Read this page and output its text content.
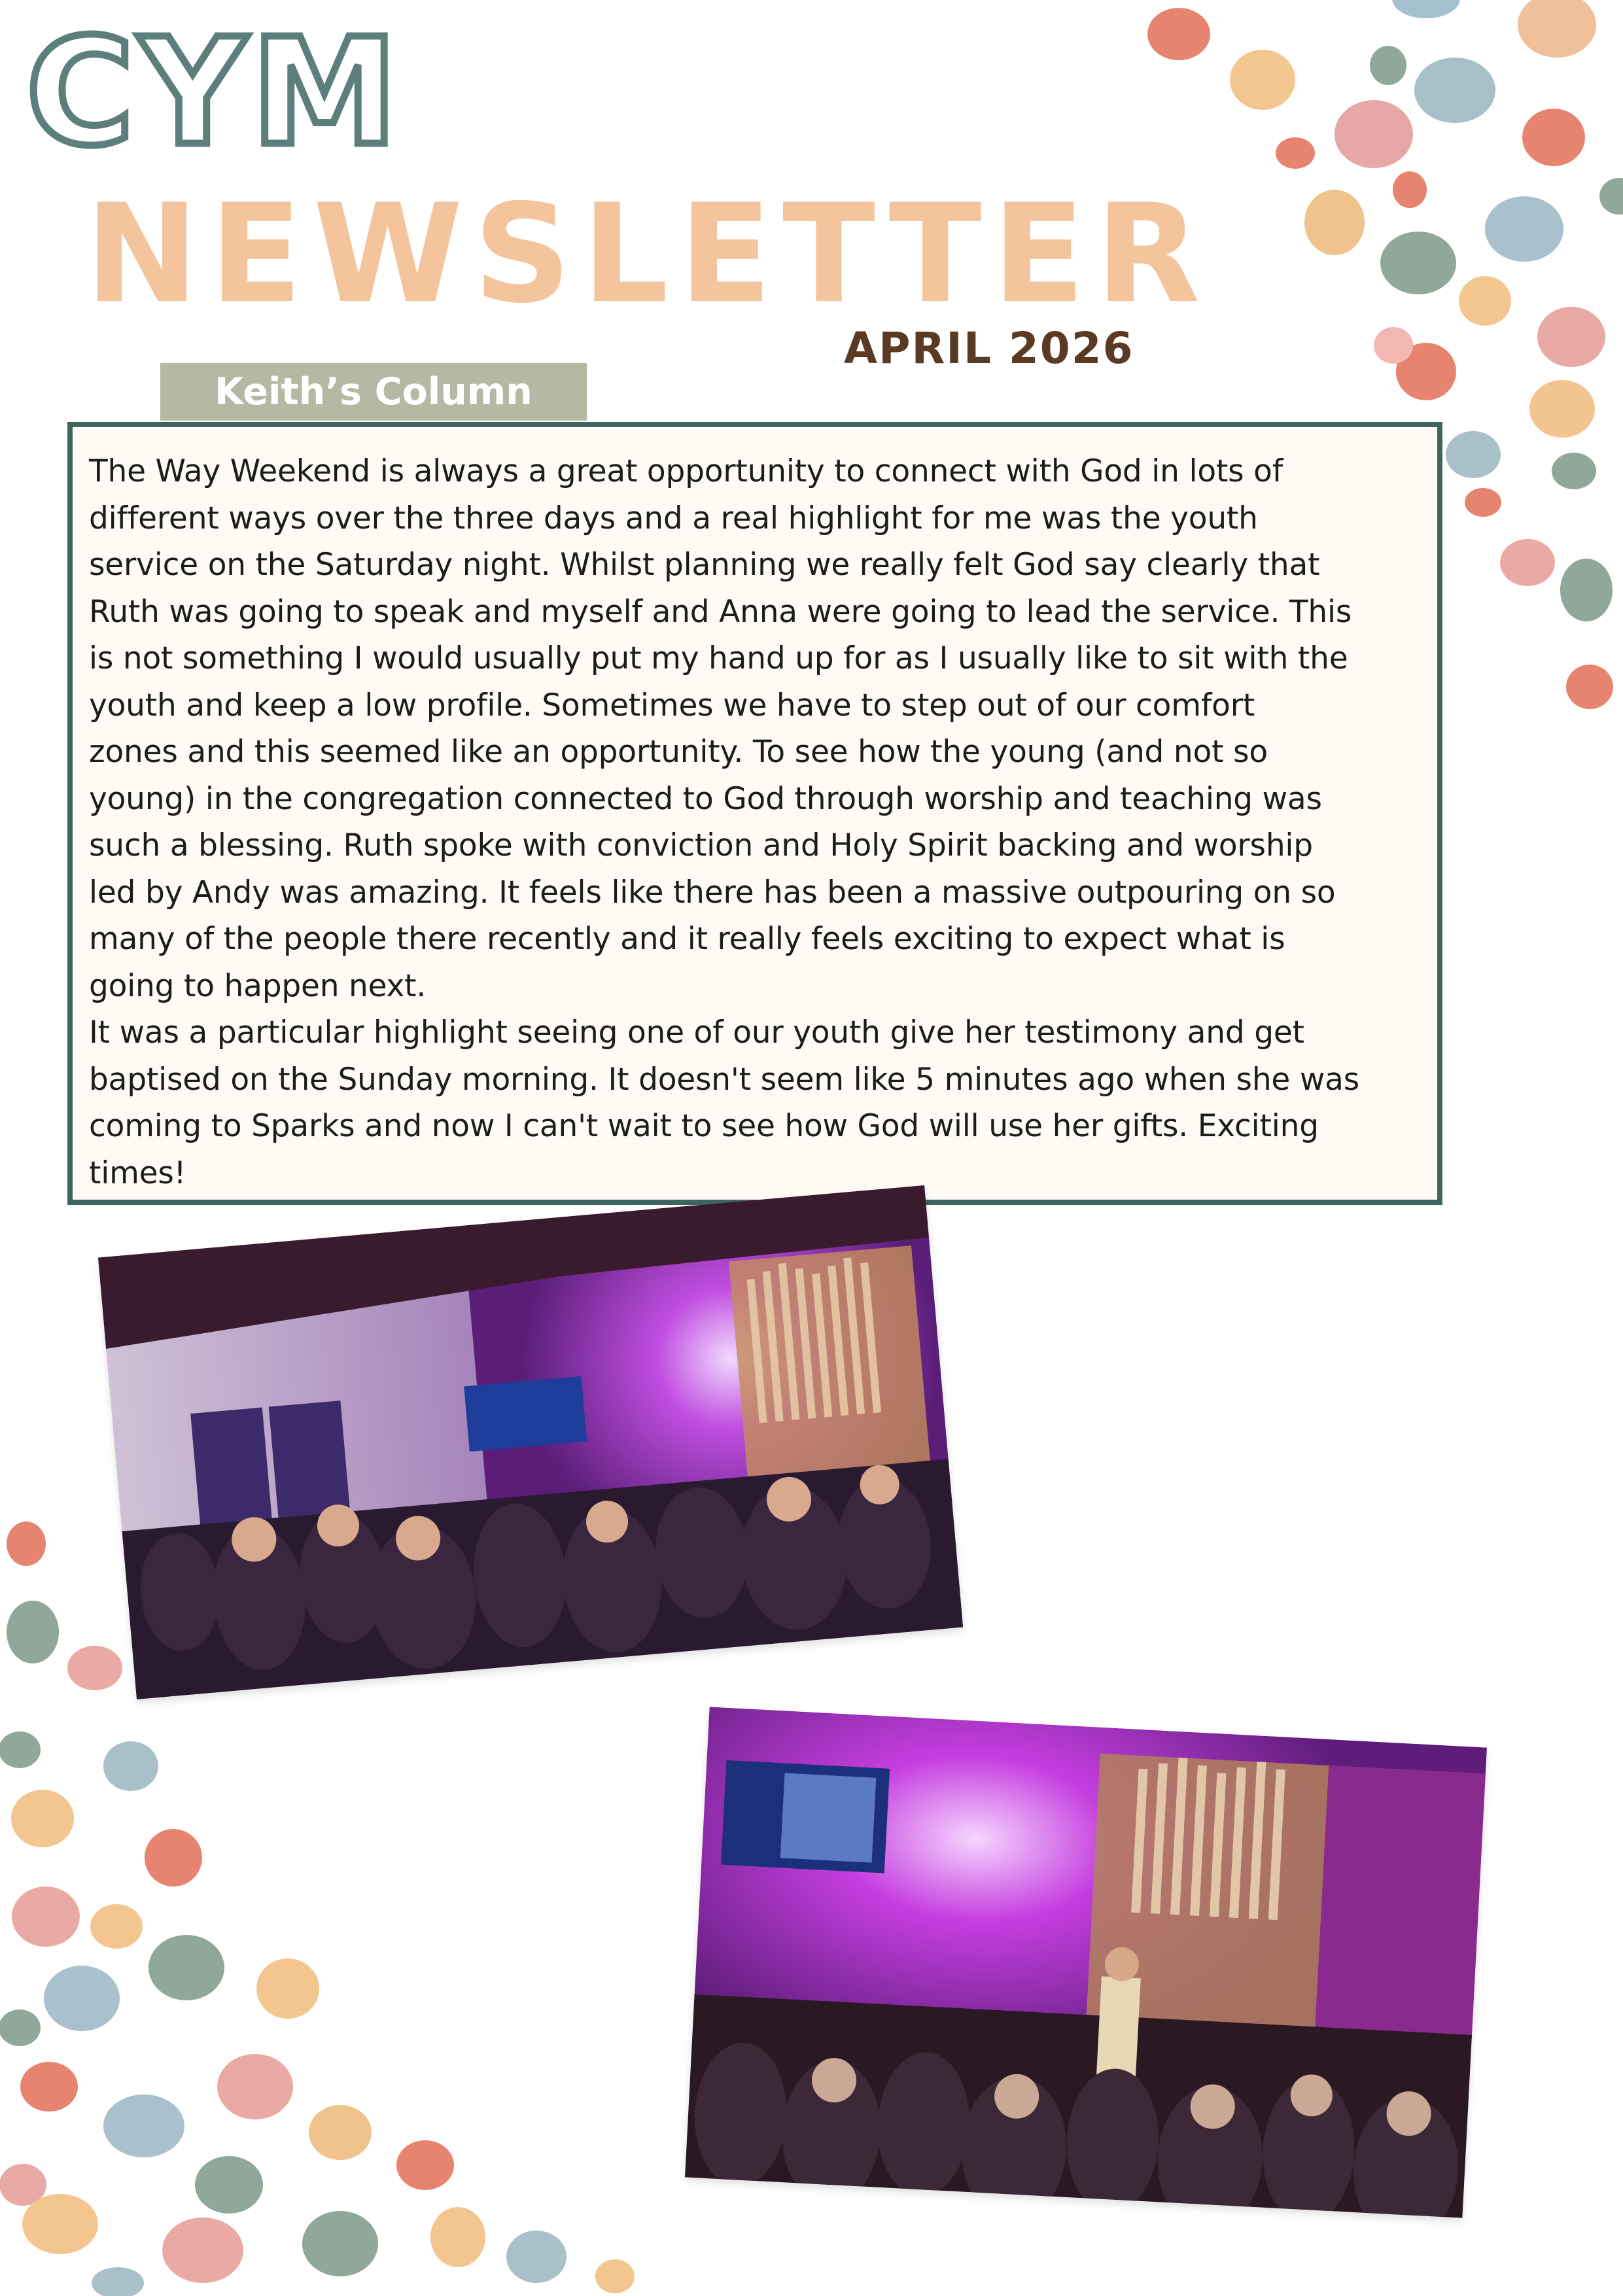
CYM
NEWSLETTER
APRIL 2026
Keith’s Column

The Way Weekend is always a great opportunity to connect with God in lots of

different ways over the three days and a real highlight for me was the youth

service on the Saturday night. Whilst planning we really felt God say clearly that

Ruth was going to speak and myself and Anna were going to lead the service. This

is not something I would usually put my hand up for as I usually like to sit with the

youth and keep a low profile. Sometimes we have to step out of our comfort

zones and this seemed like an opportunity. To see how the young (and not so

young) in the congregation connected to God through worship and teaching was

such a blessing. Ruth spoke with conviction and Holy Spirit backing and worship

led by Andy was amazing. It feels like there has been a massive outpouring on so

many of the people there recently and it really feels exciting to expect what is

going to happen next.

It was a particular highlight seeing one of our youth give her testimony and get

baptised on the Sunday morning. It doesn't seem like 5 minutes ago when she was

coming to Sparks and now I can't wait to see how God will use her gifts. Exciting

times!
